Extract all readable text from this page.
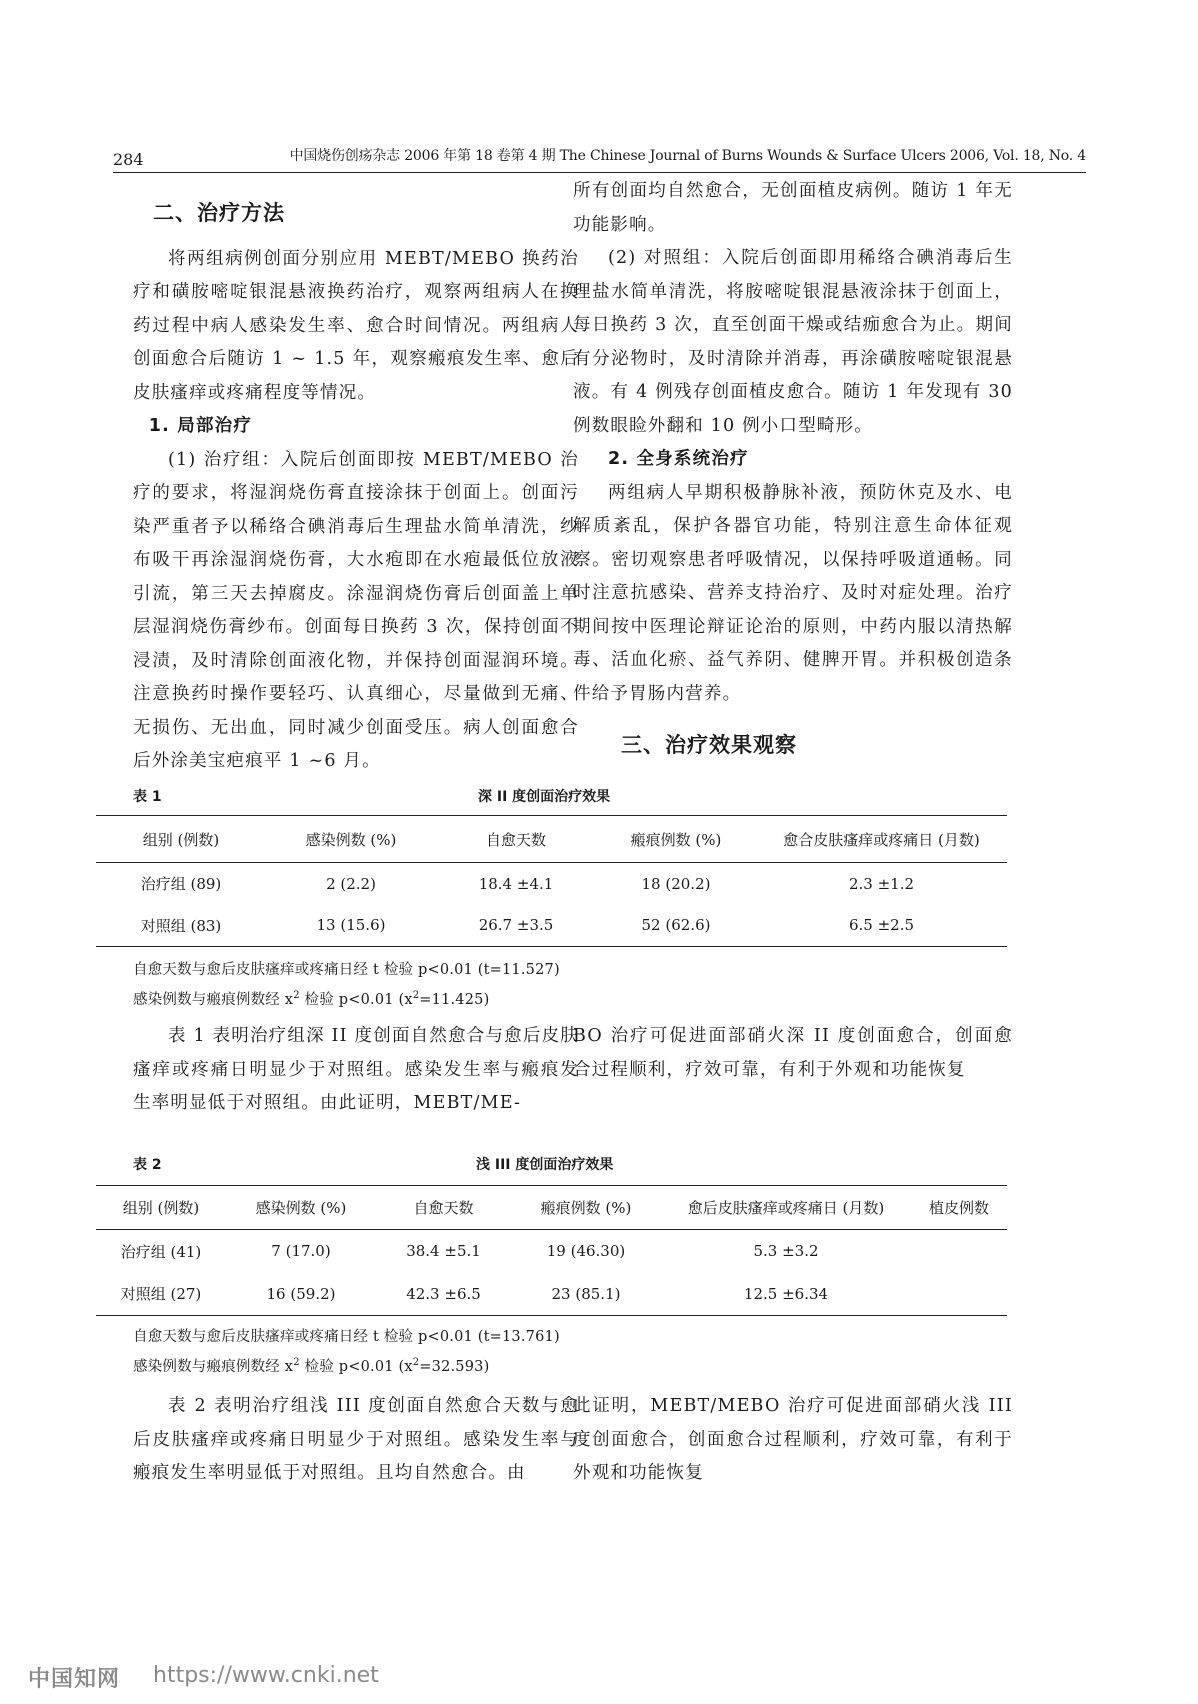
284	中国烧伤创疡杂志 2006 年第 18 卷第 4 期 The Chinese Journal of Burns Wounds & Surface Ulcers 2006, Vol. 18, No. 4
二、治疗方法

将两组病例创面分别应用 MEBT/MEBO 换药治疗和磺胺嘧啶银混悬液换药治疗，观察两组病人在换药过程中病人感染发生率、愈合时间情况。两组病人创面愈合后随访 1 ~ 1.5 年，观察瘢痕发生率、愈后皮肤瘙痒或疼痛程度等情况。

1. 局部治疗

(1) 治疗组：入院后创面即按 MEBT/MEBO 治疗的要求，将湿润烧伤膏直接涂抹于创面上。创面污染严重者予以稀络合碘消毒后生理盐水简单清洗，纱布吸干再涂湿润烧伤膏，大水疱即在水疱最低位放液引流，第三天去掉腐皮。涂湿润烧伤膏后创面盖上单层湿润烧伤膏纱布。创面每日换药 3 次，保持创面不浸渍，及时清除创面液化物，并保持创面湿润环境。注意换药时操作要轻巧、认真细心，尽量做到无痛、无损伤、无出血，同时减少创面受压。病人创面愈合后外涂美宝疤痕平 1 ~6 月。

所有创面均自然愈合，无创面植皮病例。随访 1 年无功能影响。

(2) 对照组：入院后创面即用稀络合碘消毒后生理盐水简单清洗，将胺嘧啶银混悬液涂抹于创面上，每日换药 3 次，直至创面干燥或结痂愈合为止。期间有分泌物时，及时清除并消毒，再涂磺胺嘧啶银混悬液。有 4 例残存创面植皮愈合。随访 1 年发现有 30 例数眼睑外翻和 10 例小口型畸形。

2. 全身系统治疗

两组病人早期积极静脉补液，预防休克及水、电解质紊乱，保护各器官功能，特别注意生命体征观察。密切观察患者呼吸情况，以保持呼吸道通畅。同时注意抗感染、营养支持治疗、及时对症处理。治疗期间按中医理论辩证论治的原则，中药内服以清热解毒、活血化瘀、益气养阴、健脾开胃。并积极创造条件给予胃肠内营养。

三、治疗效果观察
表 1	深 II 度创面治疗效果
组别 (例数)	感染例数 (%)	自愈天数	瘢痕例数 (%)	愈合皮肤瘙痒或疼痛日 (月数)
治疗组 (89)	2 (2.2)	18.4 ±4.1	18 (20.2)	2.3 ±1.2
对照组 (83)	13 (15.6)	26.7 ±3.5	52 (62.6)	6.5 ±2.5
自愈天数与愈后皮肤瘙痒或疼痛日经 t 检验 p<0.01 (t=11.527)
感染例数与瘢痕例数经 $x^2$ 检验 p<0.01 $(x^2=11.425)$

表 1 表明治疗组深 II 度创面自然愈合与愈后皮肤瘙痒或疼痛日明显少于对照组。感染发生率与瘢痕发生率明显低于对照组。由此证明，MEBT/ME-

BO 治疗可促进面部硝火深 II 度创面愈合，创面愈合过程顺利，疗效可靠，有利于外观和功能恢复

表 2	浅 III 度创面治疗效果
组别 (例数)	感染例数 (%)	自愈天数	瘢痕例数 (%)	愈后皮肤瘙痒或疼痛日 (月数)	植皮例数
治疗组 (41)	7 (17.0)	38.4 ±5.1	19 (46.30)	5.3 ±3.2	
对照组 (27)	16 (59.2)	42.3 ±6.5	23 (85.1)	12.5 ±6.34	
自愈天数与愈后皮肤瘙痒或疼痛日经 t 检验 p<0.01 (t=13.761)
感染例数与瘢痕例数经 $x^2$ 检验 p<0.01 $(x^2=32.593)$

表 2 表明治疗组浅 III 度创面自然愈合天数与愈后皮肤瘙痒或疼痛日明显少于对照组。感染发生率与瘢痕发生率明显低于对照组。且均自然愈合。由

此证明，MEBT/MEBO 治疗可促进面部硝火浅 III 度创面愈合，创面愈合过程顺利，疗效可靠，有利于外观和功能恢复

中国知网 https://www.cnki.net
